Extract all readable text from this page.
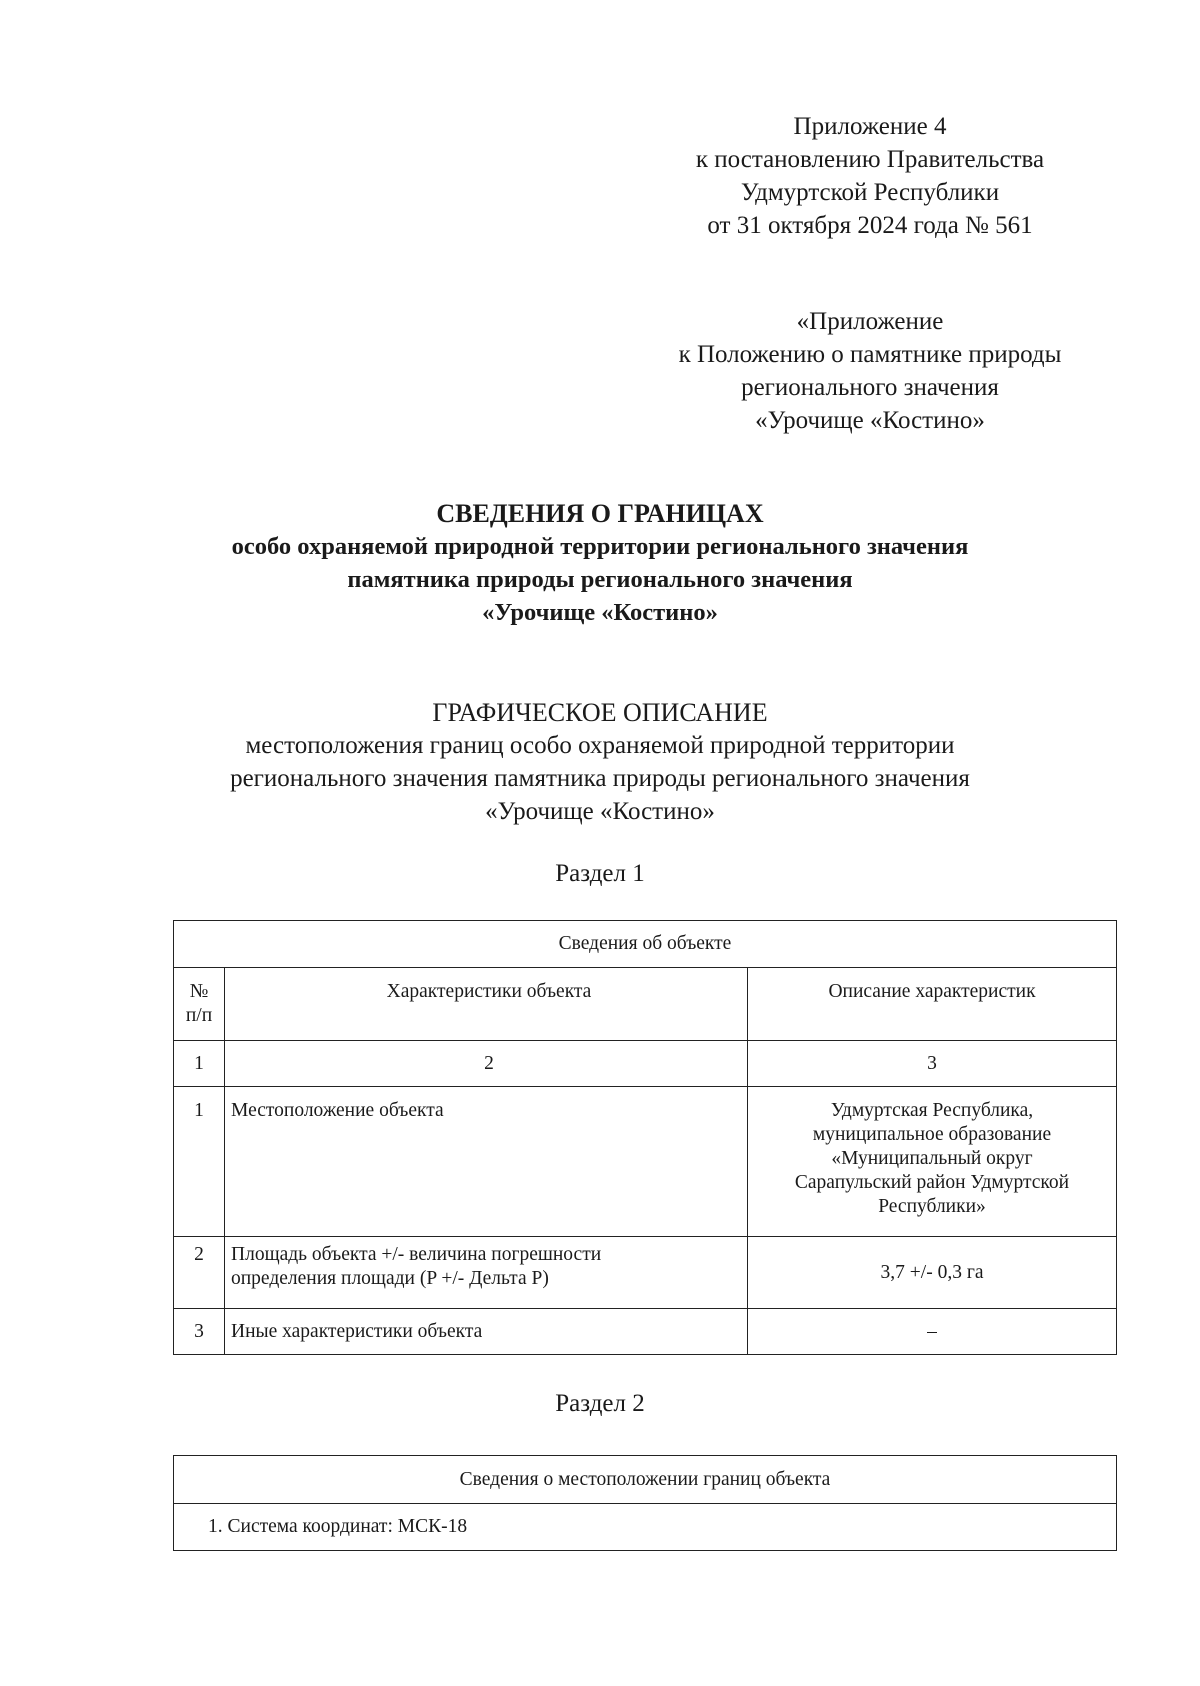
Приложение 4
к постановлению Правительства
Удмуртской Республики
от 31 октября 2024 года № 561
«Приложение
к Положению о памятнике природы
регионального значения
«Урочище «Костино»
СВЕДЕНИЯ О ГРАНИЦАХ
особо охраняемой природной территории регионального значения
памятника природы регионального значения
«Урочище «Костино»
ГРАФИЧЕСКОЕ ОПИСАНИЕ
местоположения границ особо охраняемой природной территории
регионального значения памятника природы регионального значения
«Урочище «Костино»
Раздел 1
Сведения об объекте		

№
п/п	Характеристики объекта	Описание характеристик
1	2	3
1	Местоположение объекта	Удмуртская Республика,
муниципальное образование
«Муниципальный округ
Сарапульский район Удмуртской
Республики»

2	Площадь объекта +/- величина погрешности
определения площади (P +/- Дельта P)	3,7 +/- 0,3 га
3	Иные характеристики объекта	–
Раздел 2
Сведения о местоположении границ объекта
1. Система координат: МСК-18
